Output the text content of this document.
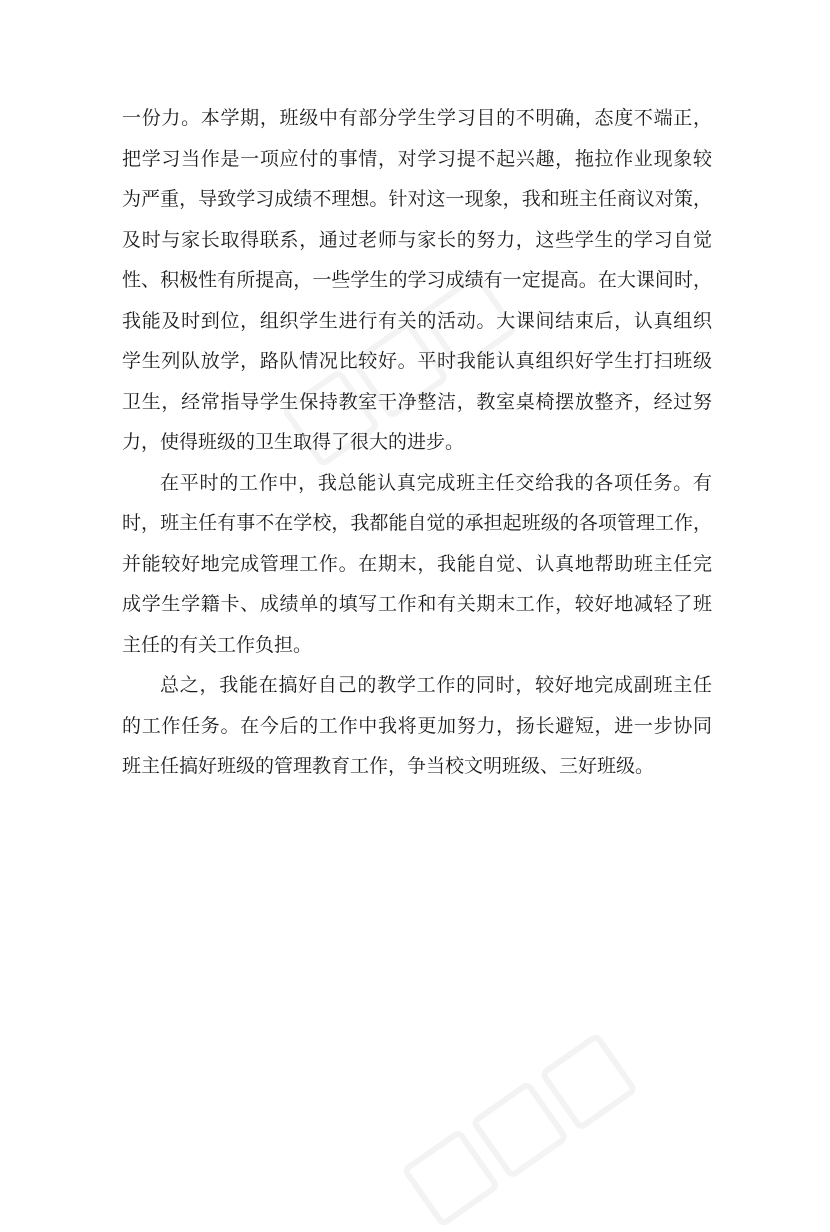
一份力。本学期，班级中有部分学生学习目的不明确，态度不端正，
把学习当作是一项应付的事情，对学习提不起兴趣，拖拉作业现象较
为严重，导致学习成绩不理想。针对这一现象，我和班主任商议对策，
及时与家长取得联系，通过老师与家长的努力，这些学生的学习自觉
性、积极性有所提高，一些学生的学习成绩有一定提高。在大课间时，
我能及时到位，组织学生进行有关的活动。大课间结束后，认真组织
学生列队放学，路队情况比较好。平时我能认真组织好学生打扫班级
卫生，经常指导学生保持教室干净整洁，教室桌椅摆放整齐，经过努
力，使得班级的卫生取得了很大的进步。
在平时的工作中，我总能认真完成班主任交给我的各项任务。有
时，班主任有事不在学校，我都能自觉的承担起班级的各项管理工作，
并能较好地完成管理工作。在期末，我能自觉、认真地帮助班主任完
成学生学籍卡、成绩单的填写工作和有关期末工作，较好地减轻了班
主任的有关工作负担。
总之，我能在搞好自己的教学工作的同时，较好地完成副班主任
的工作任务。在今后的工作中我将更加努力，扬长避短，进一步协同
班主任搞好班级的管理教育工作，争当校文明班级、三好班级。
